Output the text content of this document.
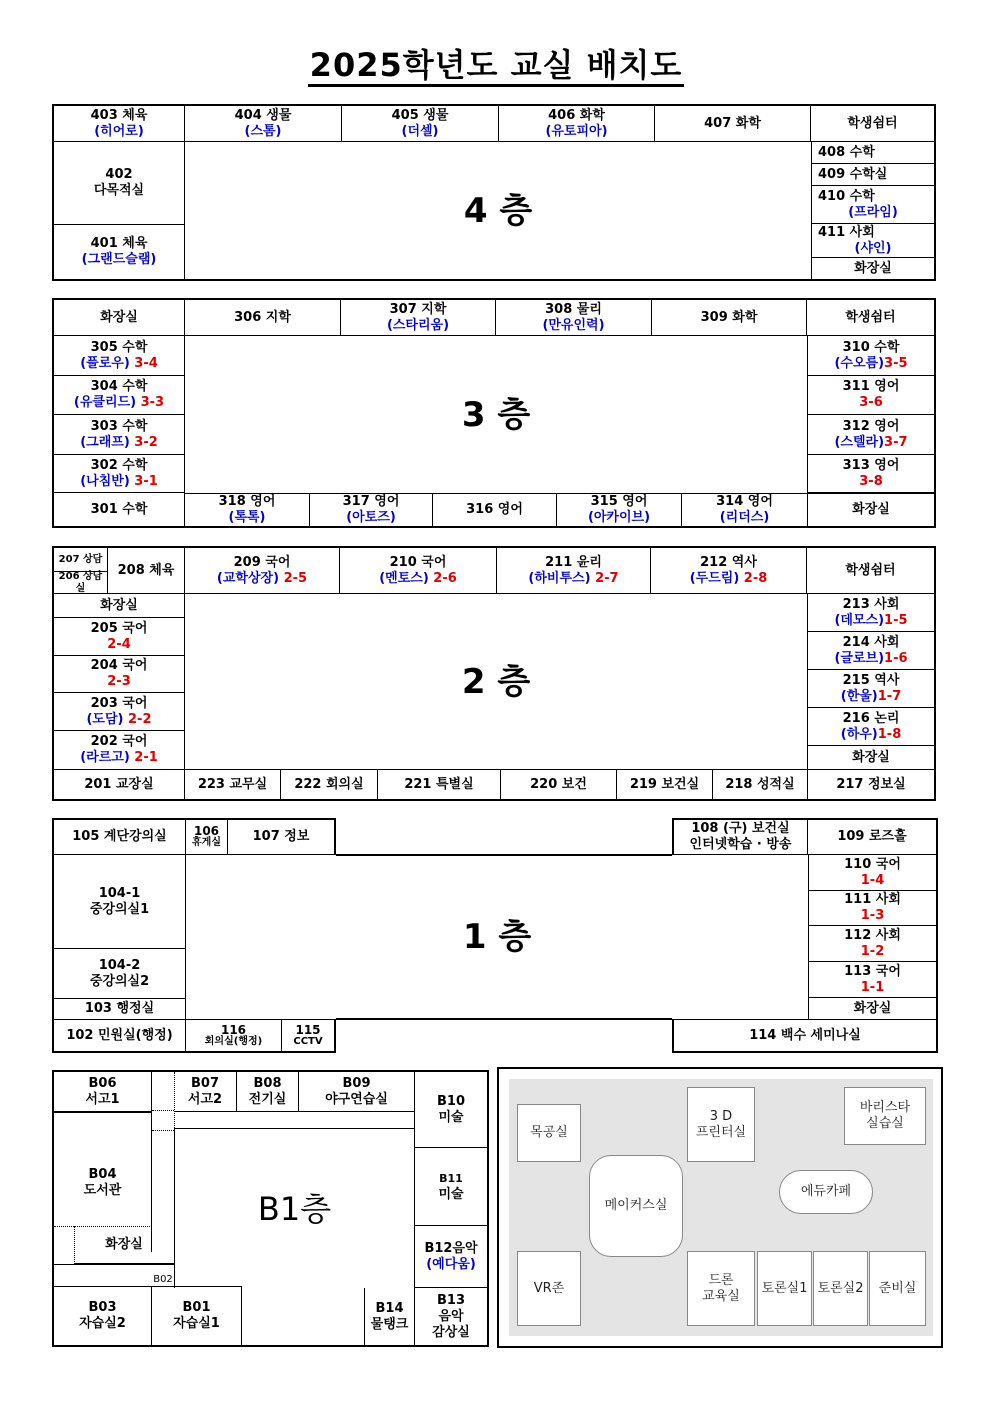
2025학년도 교실 배치도
403 체육
(히어로)
404 생물
(스톰)
405 생물
(더셀)
406 화학
(유토피아)
407 화학	학생쉼터
402
다목적실
401 체육
(그랜드슬램)
4 층
408 수학
409 수학실
410 수학
(프라임)
411 사회
(샤인)
화장실
화장실	306 지학
307 지학
(스타리움)
308 물리
(만유인력)
309 화학	학생쉼터
305 수학
(플로우) 3-4
304 수학
(유클리드) 3-3
303 수학
(그래프) 3-2
302 수학
(나침반) 3-1
301 수학
3 층
310 수학
(수오름)3-5
311 영어
3-6
312 영어
(스텔라)3-7
313 영어
3-8
318 영어
(톡톡)
317 영어
(아토즈)
316 영어
315 영어
(아카이브)
314 영어
(리더스)
화장실
207 상담
206 상담실
208 체육
209 국어
(교학상장) 2-5
210 국어
(멘토스) 2-6
211 윤리
(하비투스) 2-7
212 역사
(두드림) 2-8
학생쉼터
화장실
205 국어
2-4
204 국어
2-3
203 국어
(도담) 2-2
202 국어
(라르고) 2-1
2 층
213 사회
(데모스)1-5
214 사회
(글로브)1-6
215 역사
(한울)1-7
216 논리
(하우)1-8
화장실
201 교장실	223 교무실 222 회의실	221 특별실	220 보건	219 보건실 218 성적실	217 정보실
105 계단강의실 106
휴게실 107 정보
108 (구) 보건실
인터넷학습 · 방송
109 로즈홀
104-1
중강의실1
104-2
중강의실2
103 행정실
1 층
110 국어
1-4
111 사회
1-3
112 사회
1-2
113 국어
1-1
화장실
102 민원실(행정)	116
회의실(행정)
115
CCTV	114 백수 세미나실
B06
서고1
B07
서고2
B08
전기실
B09
야구연습실	B10
미술
B04
도서관	B1층
B11
미술
화장실	B12음악
(예다움)
B02
B03
자습실2
B01
자습실1
B14
물탱크
B13
음악
감상실
목공실
3 D
프린터실
바리스타
실습실
메이커스실
에듀카페
VR존
드론
교육실
토론실1 토론실2 준비실
